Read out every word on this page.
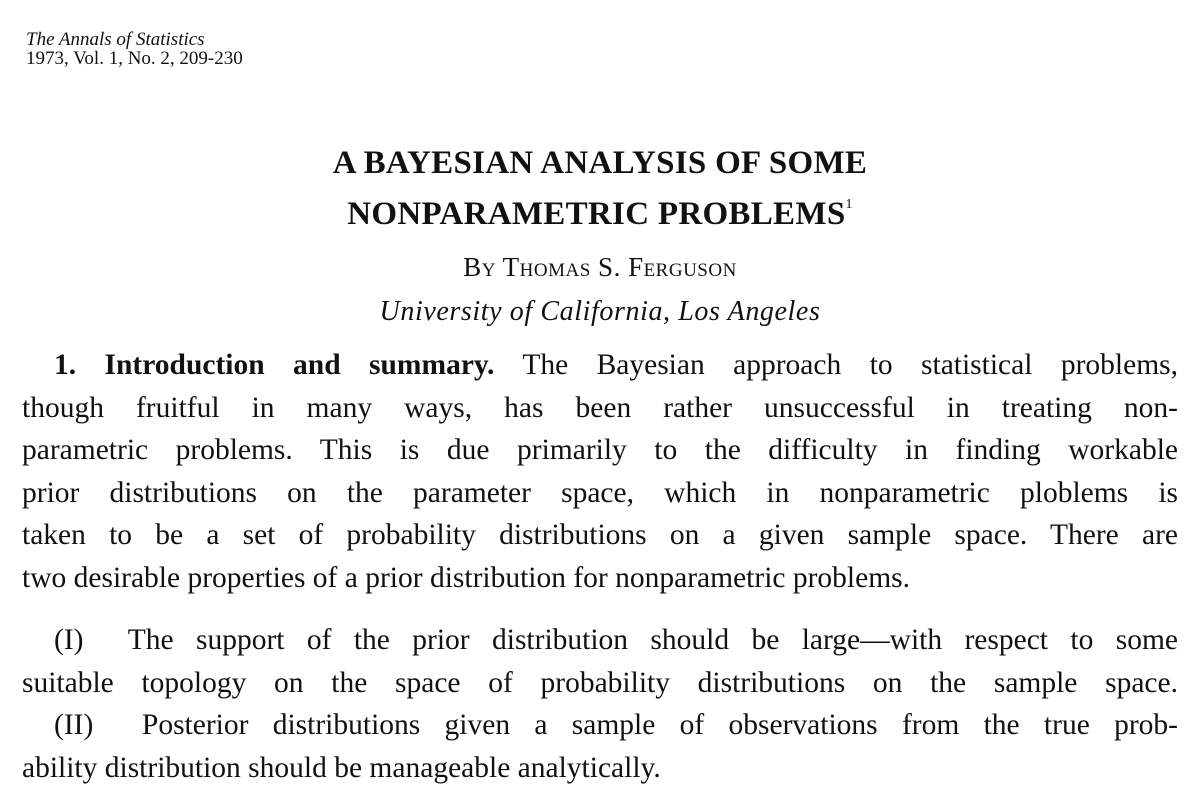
The Annals of Statistics
1973, Vol. 1, No. 2, 209-230
A BAYESIAN ANALYSIS OF SOME
NONPARAMETRIC PROBLEMS$^1$
By Thomas S. Ferguson
University of California, Los Angeles
1. Introduction and summary. The Bayesian approach to statistical problems,
though fruitful in many ways, has been rather unsuccessful in treating non-
parametric problems. This is due primarily to the difficulty in finding workable
prior distributions on the parameter space, which in nonparametric ploblems is
taken to be a set of probability distributions on a given sample space. There are
two desirable properties of a prior distribution for nonparametric problems.
(I) The support of the prior distribution should be large—with respect to some
suitable topology on the space of probability distributions on the sample space.
(II) Posterior distributions given a sample of observations from the true prob-
ability distribution should be manageable analytically.
